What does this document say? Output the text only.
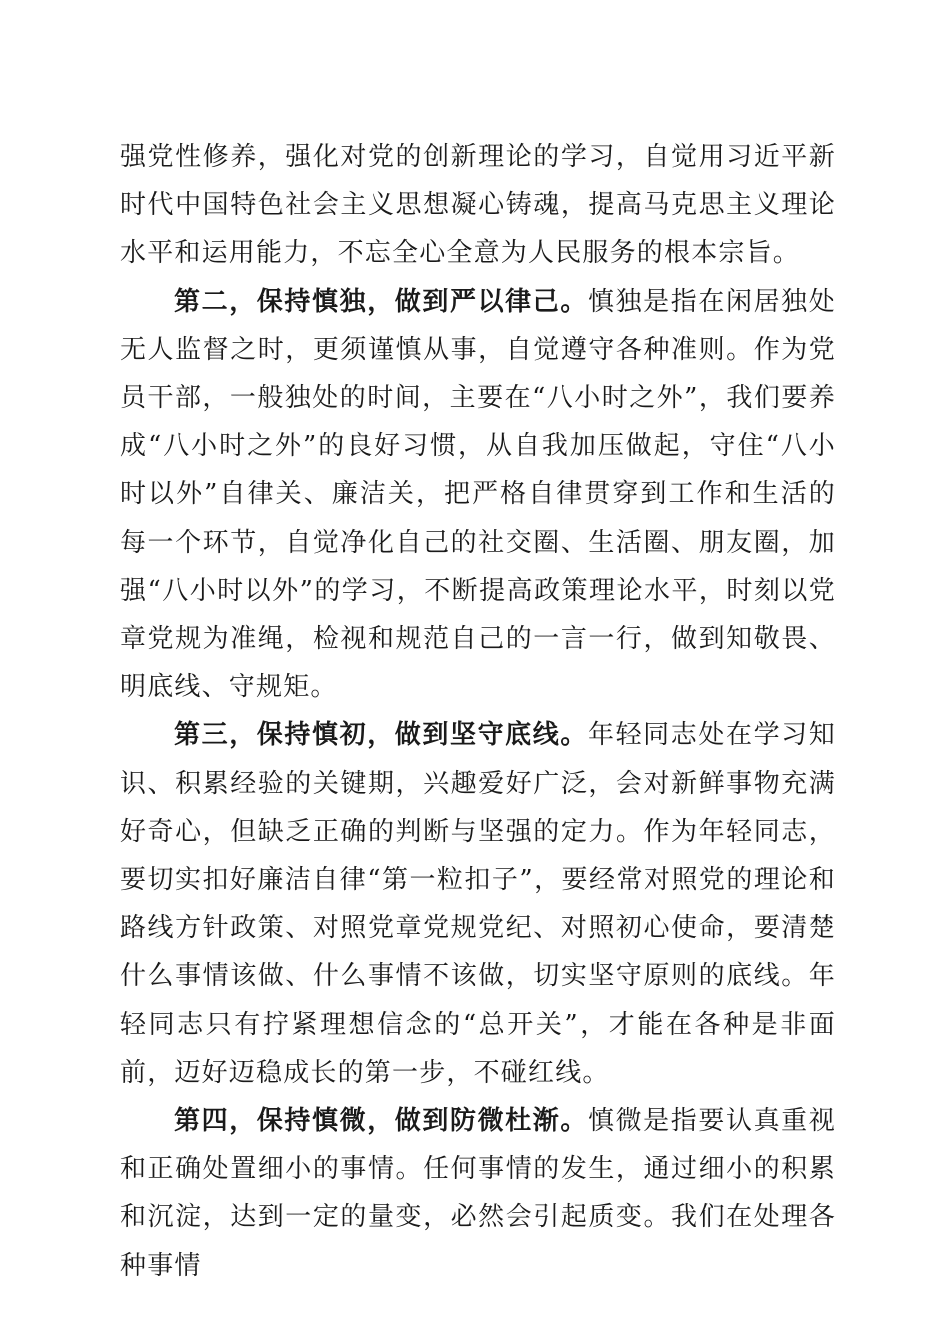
强党性修养，强化对党的创新理论的学习，自觉用习近平新时代中国特色社会主义思想凝心铸魂，提高马克思主义理论水平和运用能力，不忘全心全意为人民服务的根本宗旨。

第二，保持慎独，做到严以律己。慎独是指在闲居独处无人监督之时，更须谨慎从事，自觉遵守各种准则。作为党员干部，一般独处的时间，主要在“八小时之外”，我们要养成“八小时之外”的良好习惯，从自我加压做起，守住“八小时以外”自律关、廉洁关，把严格自律贯穿到工作和生活的每一个环节，自觉净化自己的社交圈、生活圈、朋友圈，加强“八小时以外”的学习，不断提高政策理论水平，时刻以党章党规为准绳，检视和规范自己的一言一行，做到知敬畏、明底线、守规矩。

第三，保持慎初，做到坚守底线。年轻同志处在学习知识、积累经验的关键期，兴趣爱好广泛，会对新鲜事物充满好奇心，但缺乏正确的判断与坚强的定力。作为年轻同志，要切实扣好廉洁自律“第一粒扣子”，要经常对照党的理论和路线方针政策、对照党章党规党纪、对照初心使命，要清楚什么事情该做、什么事情不该做，切实坚守原则的底线。年轻同志只有拧紧理想信念的“总开关”，才能在各种是非面前，迈好迈稳成长的第一步，不碰红线。

第四，保持慎微，做到防微杜渐。慎微是指要认真重视和正确处置细小的事情。任何事情的发生，通过细小的积累和沉淀，达到一定的量变，必然会引起质变。我们在处理各种事情
